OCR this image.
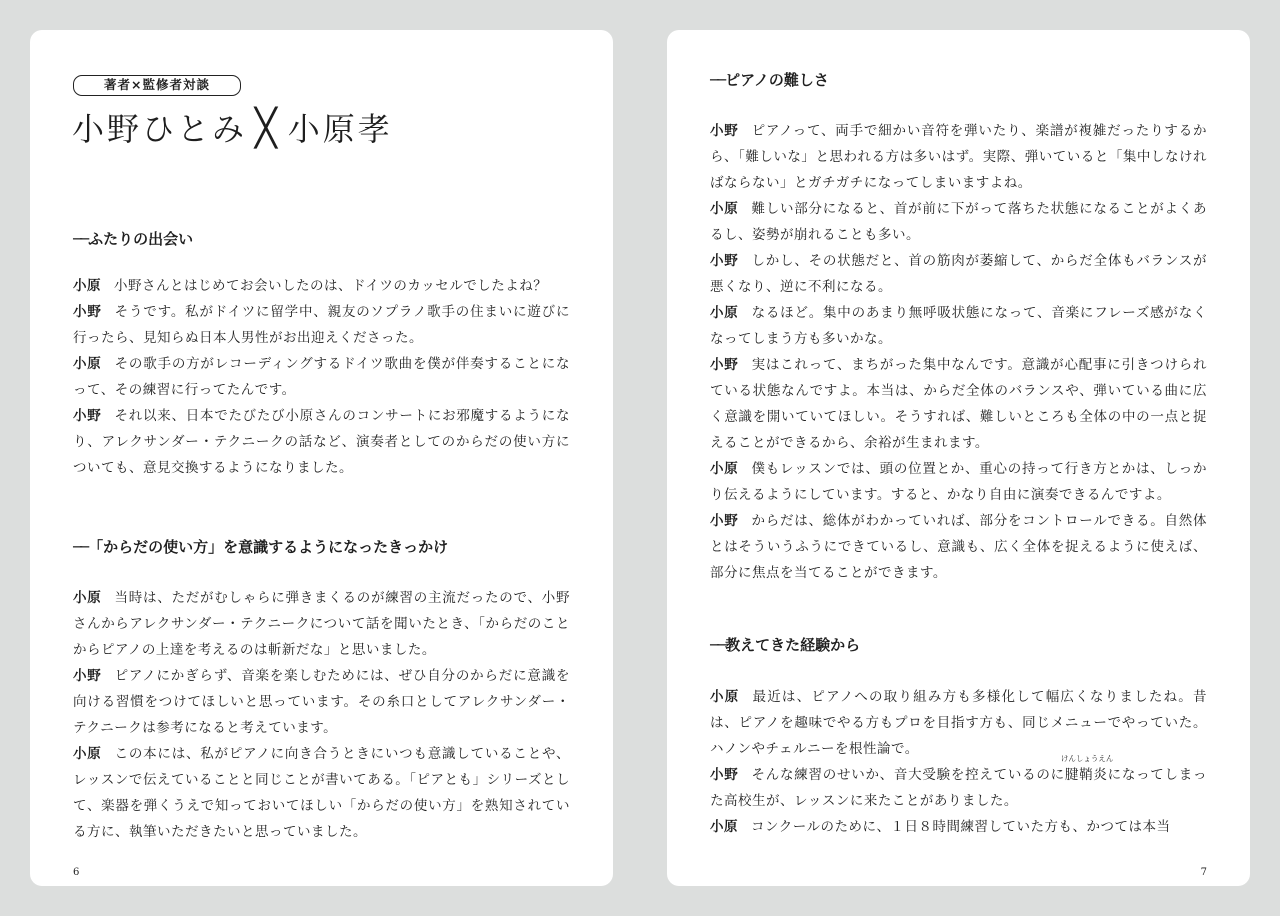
著者×監修者対談
小野ひとみ ╳ 小原孝
── ふたりの出会い

小原 小野さんとはじめてお会いしたのは、ドイツのカッセルでしたよね？

小野 そうです。私がドイツに留学中、親友のソプラノ歌手の住まいに遊びに行ったら、見知らぬ日本人男性がお出迎えくださった。

小原 その歌手の方がレコーディングするドイツ歌曲を僕が伴奏することになって、その練習に行ってたんです。

小野 それ以来、日本でたびたび小原さんのコンサートにお邪魔するようになり、アレクサンダー・テクニークの話など、演奏者としてのからだの使い方についても、意見交換するようになりました。

── 「からだの使い方」を意識するようになったきっかけ

小原 当時は、ただがむしゃらに弾きまくるのが練習の主流だったので、小野さんからアレクサンダー・テクニークについて話を聞いたとき、「からだのことからピアノの上達を考えるのは斬新だな」と思いました。

小野 ピアノにかぎらず、音楽を楽しむためには、ぜひ自分のからだに意識を向ける習慣をつけてほしいと思っています。その糸口としてアレクサンダー・テクニークは参考になると考えています。

小原 この本には、私がピアノに向き合うときにいつも意識していることや、レッスンで伝えていることと同じことが書いてある。「ピアとも」シリーズとして、楽器を弾くうえで知っておいてほしい「からだの使い方」を熟知されている方に、執筆いただきたいと思っていました。

6
── ピアノの難しさ

小野 ピアノって、両手で細かい音符を弾いたり、楽譜が複雑だったりするから、「難しいな」と思われる方は多いはず。実際、弾いていると「集中しなければならない」とガチガチになってしまいますよね。

小原 難しい部分になると、首が前に下がって落ちた状態になることがよくあるし、姿勢が崩れることも多い。

小野 しかし、その状態だと、首の筋肉が萎縮して、からだ全体もバランスが悪くなり、逆に不利になる。

小原 なるほど。集中のあまり無呼吸状態になって、音楽にフレーズ感がなくなってしまう方も多いかな。

小野 実はこれって、まちがった集中なんです。意識が心配事に引きつけられている状態なんですよ。本当は、からだ全体のバランスや、弾いている曲に広く意識を開いていてほしい。そうすれば、難しいところも全体の中の一点と捉えることができるから、余裕が生まれます。

小原 僕もレッスンでは、頭の位置とか、重心の持って行き方とかは、しっかり伝えるようにしています。すると、かなり自由に演奏できるんですよ。

小野 からだは、総体がわかっていれば、部分をコントロールできる。自然体とはそういうふうにできているし、意識も、広く全体を捉えるように使えば、部分に焦点を当てることができます。

── 教えてきた経験から

小原 最近は、ピアノへの取り組み方も多様化して幅広くなりましたね。昔は、ピアノを趣味でやる方もプロを目指す方も、同じメニューでやっていた。ハノンやチェルニーを根性論で。

小野 そんな練習のせいか、音大受験を控えているのに
けんしょうえん
腱鞘炎になってしまった高校生が、レッスンに来たことがありました。

小原 コンクールのために、１日８時間練習していた方も、かつては本当

7
